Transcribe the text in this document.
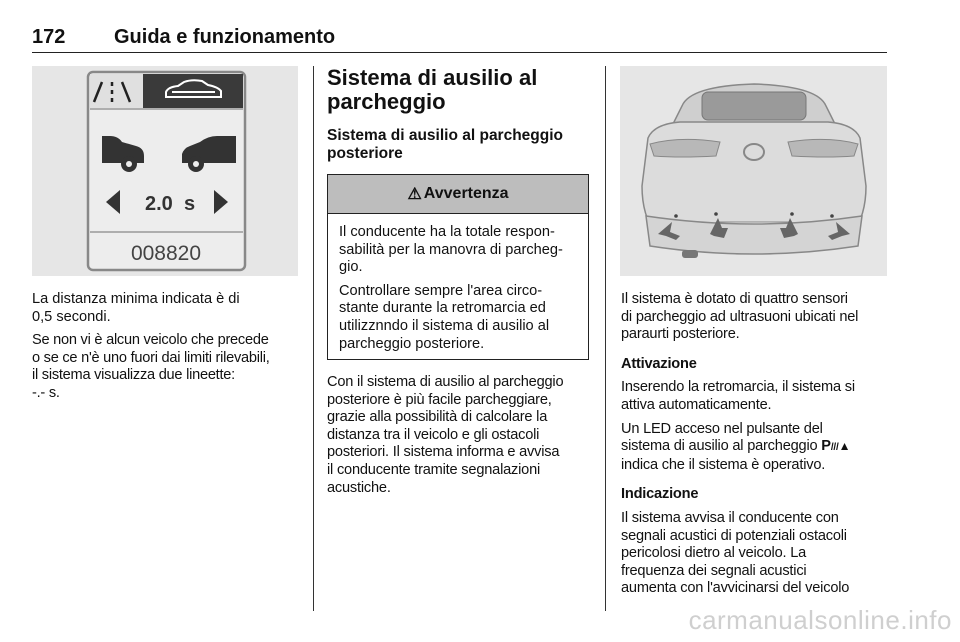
172 Guida e funzionamento
2.0 s
008820

La distanza minima indicata è di
0,5 secondi.

Se non vi è alcun veicolo che precede
o se ce n'è uno fuori dai limiti rilevabili,
il sistema visualizza due lineette:
-.- s.

Sistema di ausilio al
parcheggio
Sistema di ausilio al parcheggio
posteriore
⚠ Avvertenza

Il conducente ha la totale respon-
sabilità per la manovra di parcheg-
gio.

Controllare sempre l'area circo-
stante durante la retromarcia ed
utilizznndo il sistema di ausilio al
parcheggio posteriore.

Con il sistema di ausilio al parcheggio
posteriore è più facile parcheggiare,
grazie alla possibilità di calcolare la
distanza tra il veicolo e gli ostacoli
posteriori. Il sistema informa e avvisa
il conducente tramite segnalazioni
acustiche.

Il sistema è dotato di quattro sensori
di parcheggio ad ultrasuoni ubicati nel
paraurti posteriore.

Attivazione

Inserendo la retromarcia, il sistema si
attiva automaticamente.

Un LED acceso nel pulsante del
sistema di ausilio al parcheggio P///▲
indica che il sistema è operativo.

Indicazione

Il sistema avvisa il conducente con
segnali acustici di potenziali ostacoli
pericolosi dietro al veicolo. La
frequenza dei segnali acustici
aumenta con l'avvicinarsi del veicolo

carmanualsonline.info
